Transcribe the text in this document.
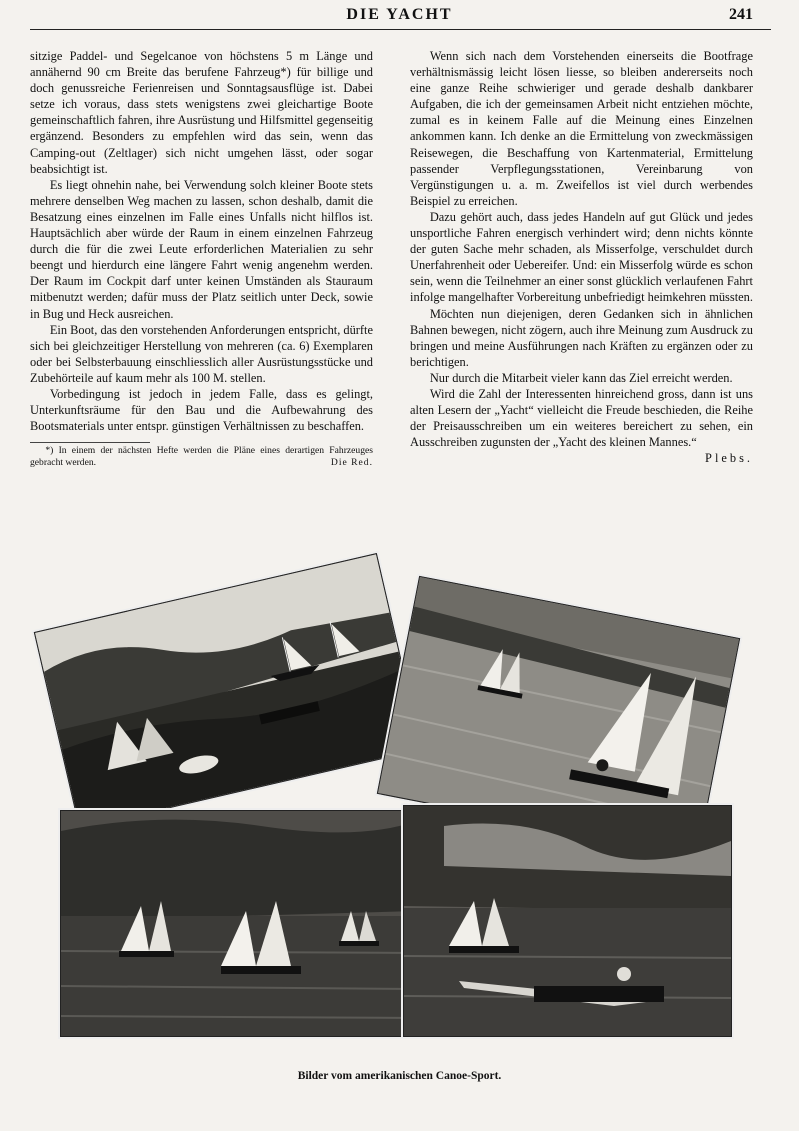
DIE YACHT	241

sitzige Paddel- und Segelcanoe von höchstens 5 m Länge und annähernd 90 cm Breite das berufene Fahrzeug*) für billige und doch genussreiche Ferienreisen und Sonntagsausflüge ist. Dabei setze ich voraus, dass stets wenigstens zwei gleichartige Boote gemeinschaftlich fahren, ihre Ausrüstung und Hilfsmittel gegenseitig ergänzend. Besonders zu empfehlen wird das sein, wenn das Camping-out (Zeltlager) sich nicht umgehen lässt, oder sogar beabsichtigt ist.

Es liegt ohnehin nahe, bei Verwendung solch kleiner Boote stets mehrere denselben Weg machen zu lassen, schon deshalb, damit die Besatzung eines einzelnen im Falle eines Unfalls nicht hilflos ist. Hauptsächlich aber würde der Raum in einem einzelnen Fahrzeug durch die für die zwei Leute erforderlichen Materialien zu sehr beengt und hierdurch eine längere Fahrt wenig angenehm werden. Der Raum im Cockpit darf unter keinen Umständen als Stauraum mitbenutzt werden; dafür muss der Platz seitlich unter Deck, sowie in Bug und Heck ausreichen.

Ein Boot, das den vorstehenden Anforderungen entspricht, dürfte sich bei gleichzeitiger Herstellung von mehreren (ca. 6) Exemplaren oder bei Selbsterbauung einschliesslich aller Ausrüstungsstücke und Zubehörteile auf kaum mehr als 100 M. stellen.

Vorbedingung ist jedoch in jedem Falle, dass es gelingt, Unterkunftsräume für den Bau und die Aufbewahrung des Bootsmaterials unter entspr. günstigen Verhältnissen zu beschaffen.

*) In einem der nächsten Hefte werden die Pläne eines derartigen Fahrzeuges gebracht werden.	Die Red.

Wenn sich nach dem Vorstehenden einerseits die Bootfrage verhältnismässig leicht lösen liesse, so bleiben andererseits noch eine ganze Reihe schwieriger und gerade deshalb dankbarer Aufgaben, die ich der gemeinsamen Arbeit nicht entziehen möchte, zumal es in keinem Falle auf die Meinung eines Einzelnen ankommen kann. Ich denke an die Ermittelung von zweckmässigen Reisewegen, die Beschaffung von Kartenmaterial, Ermittelung passender Verpflegungsstationen, Vereinbarung von Vergünstigungen u. a. m. Zweifellos ist viel durch werbendes Beispiel zu erreichen.

Dazu gehört auch, dass jedes Handeln auf gut Glück und jedes unsportliche Fahren energisch verhindert wird; denn nichts könnte der guten Sache mehr schaden, als Misserfolge, verschuldet durch Unerfahrenheit oder Uebereifer. Und: ein Misserfolg würde es schon sein, wenn die Teilnehmer an einer sonst glücklich verlaufenen Fahrt infolge mangelhafter Vorbereitung unbefriedigt heimkehren müssten.

Möchten nun diejenigen, deren Gedanken sich in ähnlichen Bahnen bewegen, nicht zögern, auch ihre Meinung zum Ausdruck zu bringen und meine Ausführungen nach Kräften zu ergänzen oder zu berichtigen.

Nur durch die Mitarbeit vieler kann das Ziel erreicht werden.

Wird die Zahl der Interessenten hinreichend gross, dann ist uns alten Lesern der „Yacht“ vielleicht die Freude beschieden, die Reihe der Preisausschreiben um ein weiteres bereichert zu sehen, ein Ausschreiben zugunsten der „Yacht des kleinen Mannes.“
Plebs.

Bilder vom amerikanischen Canoe-Sport.
